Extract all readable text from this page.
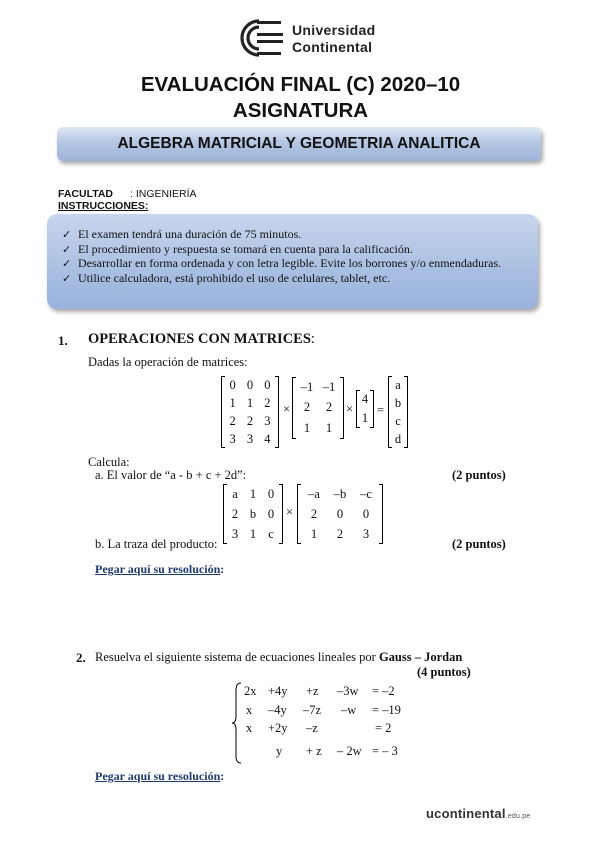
Universidad
Continental
EVALUACIÓN FINAL (C) 2020–10
ASIGNATURA
ALGEBRA MATRICIAL Y GEOMETRIA ANALITICA
FACULTAD : INGENIERÍA
INSTRUCCIONES:
✓ El examen tendrá una duración de 75 minutos.
✓ El procedimiento y respuesta se tomará en cuenta para la calificación.
✓ Desarrollar en forma ordenada y con letra legible. Evite los borrones y/o enmendaduras.
✓ Utilice calculadora, está prohibido el uso de celulares, tablet, etc.
1. OPERACIONES CON MATRICES:
Dadas la operación de matrices:
0 0 0
1 1 2
2 2 3
3 3 4
×
–1 –1
2	2
1	1
×
4
1
=
a
b
c
d
Calcula:
a. El valor de “a - b + c + 2d”:	(2 puntos)
a 1 0
2 b 0
3 1 c
×
–a	–b	–c
2	0	0
1	2	3
b. La traza del producto:	(2 puntos)
Pegar aquí su resolución:
2. Resuelva el siguiente sistema de ecuaciones lineales por Gauss – Jordan
(4 puntos)
2x +4y +z –3w = –2
x –4y –7z –w = –19
x +2y –z	= 2
y + z – 2w = – 3
Pegar aquí su resolución:
ucontinental.edu.pe
